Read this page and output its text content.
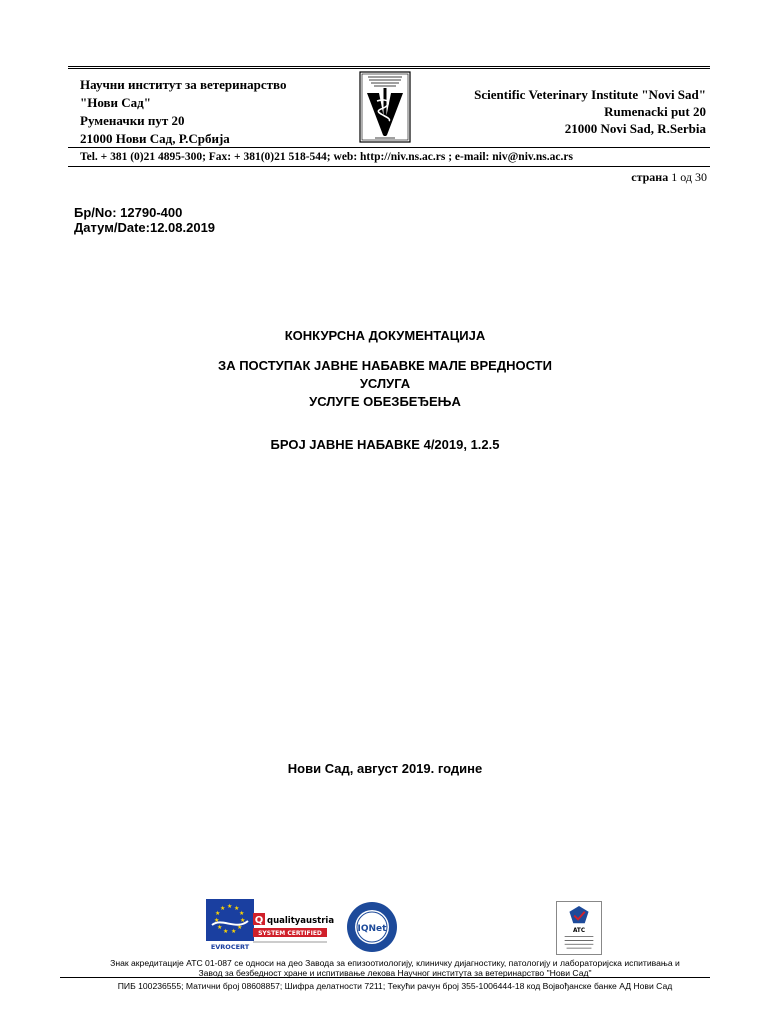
Научни институт за ветеринарство
"Нови Сад"
Руменачки пут 20
21000 Нови Сад, Р.Србија
Scientific Veterinary Institute "Novi Sad"
Rumenacki put 20
21000 Novi Sad, R.Serbia
Tel. + 381 (0)21 4895-300; Fax: + 381(0)21 518-544; web: http://niv.ns.ac.rs ; e-mail: niv@niv.ns.ac.rs
страна 1 од 30
Бр/No: 12790-400
Датум/Date:12.08.2019
КОНКУРСНА ДОКУМЕНТАЦИЈА
ЗА ПОСТУПАК ЈАВНЕ НАБАВКЕ МАЛЕ ВРЕДНОСТИ
УСЛУГА
УСЛУГЕ ОБЕЗБЕЂЕЊА
БРОЈ ЈАВНЕ НАБАВКЕ 4/2019, 1.2.5
Нови Сад, август 2019. године
★ ★
★
★
★
★
★
★
★
★
★
EVROCERT
Q qualityaustria
SYSTEM CERTIFIED	IQNet	ATC
Знак акредитације АТС 01-087 се односи на део Завода за епизоотиологију, клиничку дијагностику, патологију и лабораторијска испитивања и
Завод за безбедност хране и испитивање лекова Научног института за ветеринарство "Нови Сад"
ПИБ 100236555; Матични број 08608857; Шифра делатности 7211; Текући рачун број 355-1006444-18 код Војвођанске банке АД Нови Сад
